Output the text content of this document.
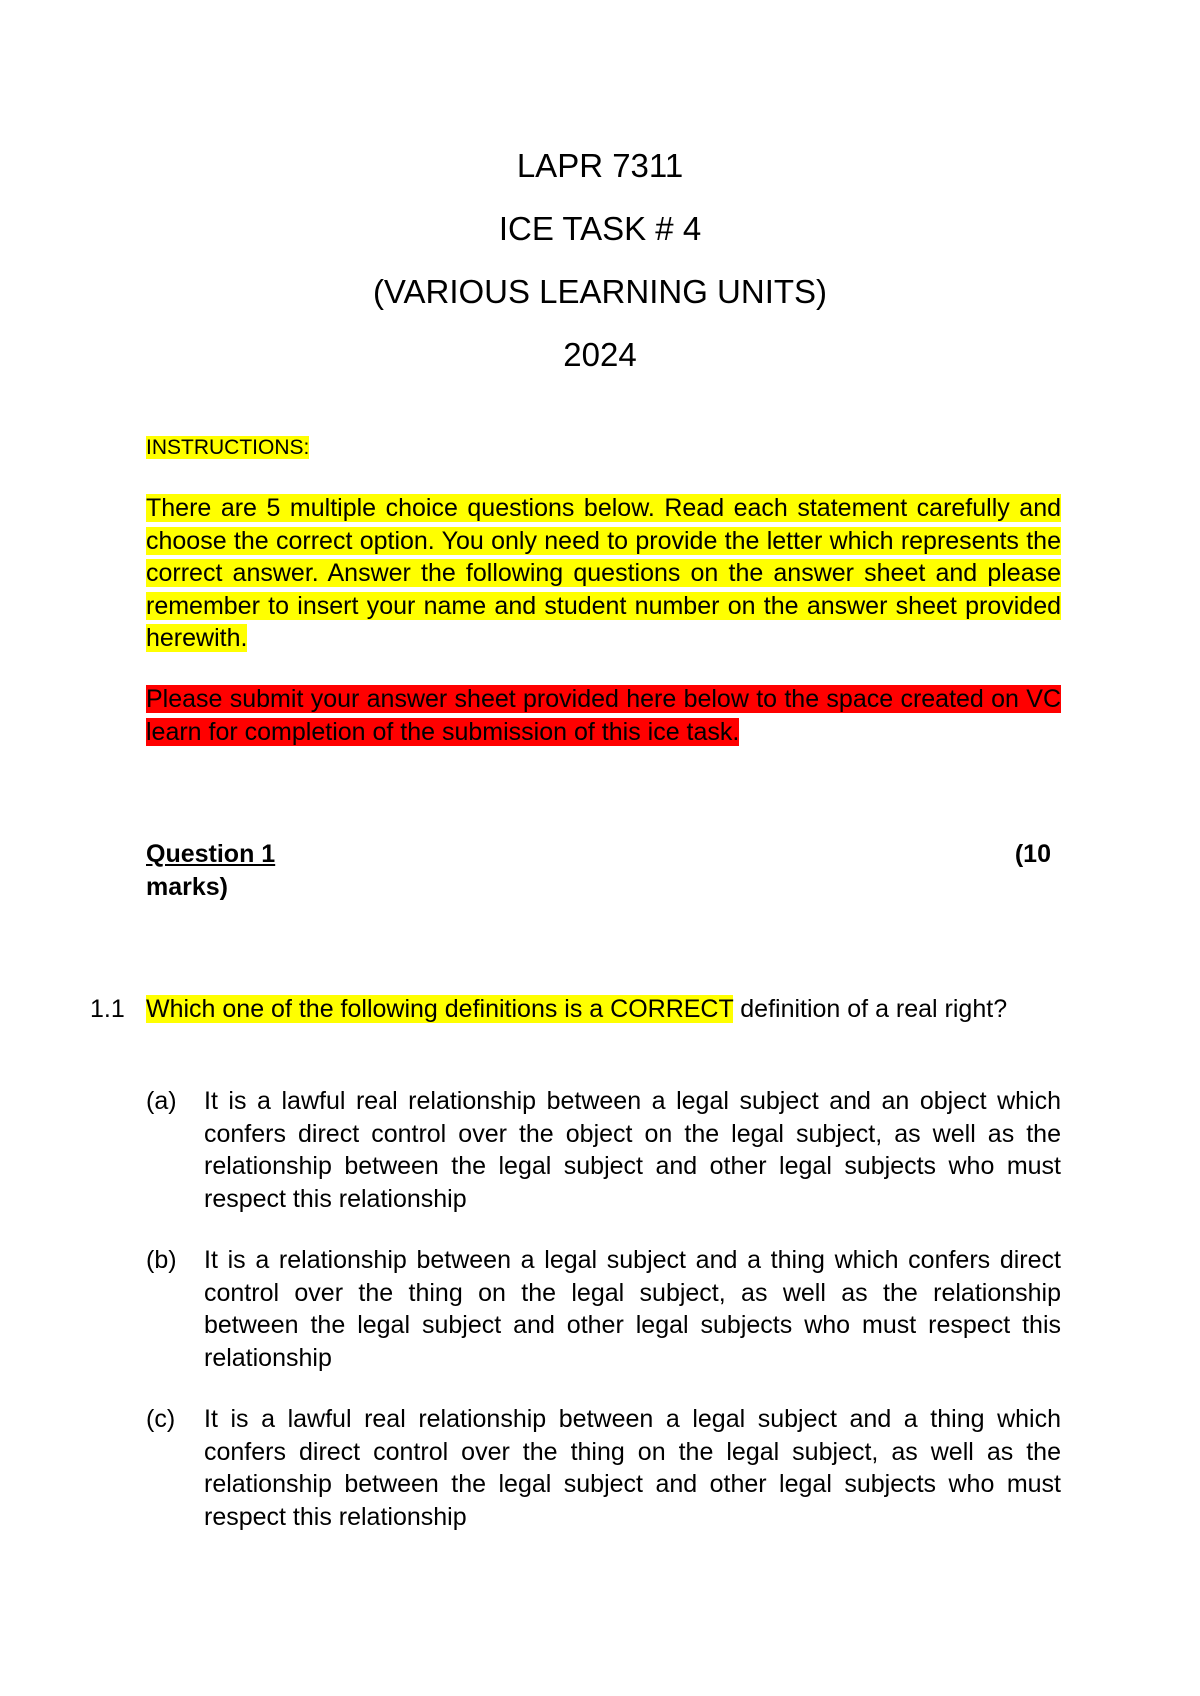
LAPR 7311
ICE TASK # 4
(VARIOUS LEARNING UNITS)
2024
INSTRUCTIONS:
There are 5 multiple choice questions below. Read each statement carefully and choose the correct option. You only need to provide the letter which represents the correct answer. Answer the following questions on the answer sheet and please remember to insert your name and student number on the answer sheet provided herewith.
Please submit your answer sheet provided here below to the space created on VC learn for completion of the submission of this ice task.
Question 1	(10
marks)
1.1 Which one of the following definitions is a CORRECT definition of a real right?
(a) It is a lawful real relationship between a legal subject and an object which confers direct control over the object on the legal subject, as well as the relationship between the legal subject and other legal subjects who must respect this relationship
(b) It is a relationship between a legal subject and a thing which confers direct control over the thing on the legal subject, as well as the relationship between the legal subject and other legal subjects who must respect this relationship
(c) It is a lawful real relationship between a legal subject and a thing which confers direct control over the thing on the legal subject, as well as the relationship between the legal subject and other legal subjects who must respect this relationship
